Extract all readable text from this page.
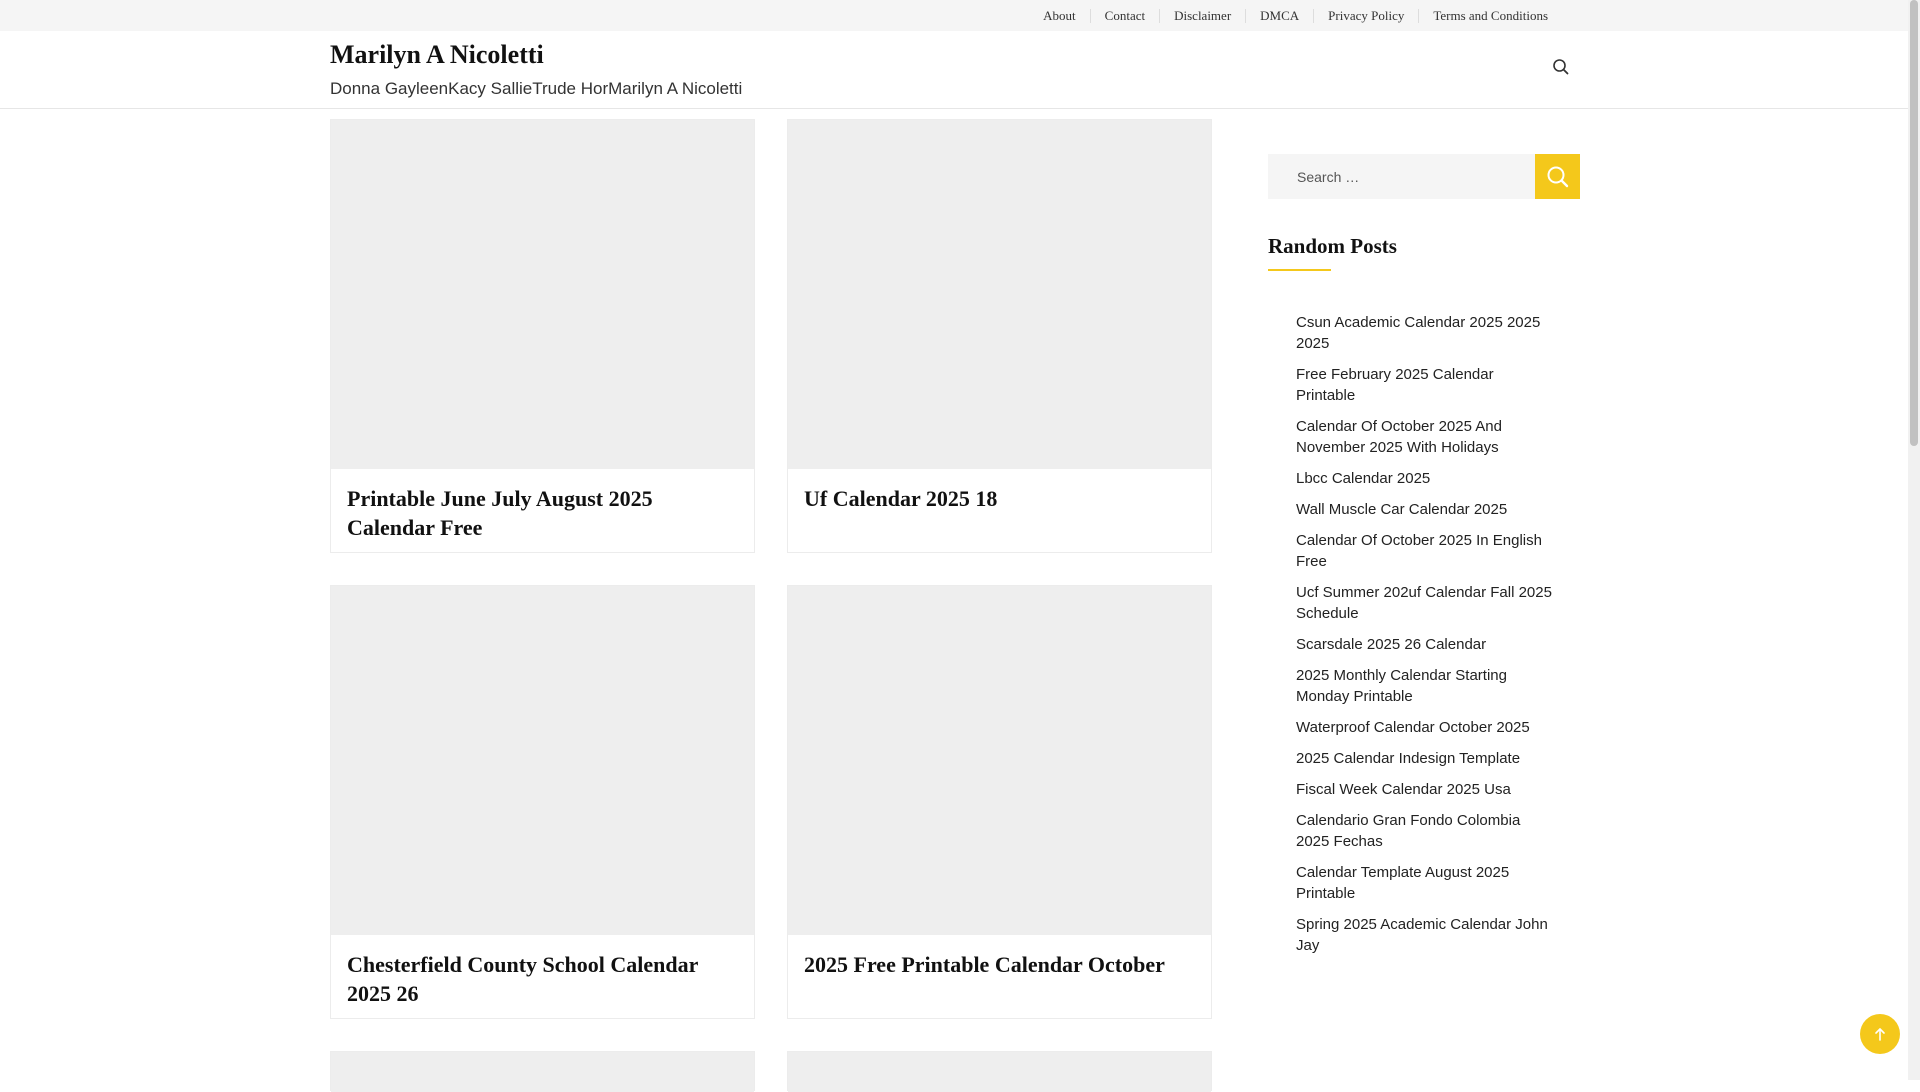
About	Contact	Disclaimer	DMCA	Privacy Policy	Terms and Conditions
Marilyn A Nicoletti
Donna GayleenKacy SallieTrude HorMarilyn A Nicoletti
Printable June July August 2025 Calendar Free
Uf Calendar 2025 18
Chesterfield County School Calendar 2025 26
2025 Free Printable Calendar October
Search …
Random Posts
Csun Academic Calendar 2025 2025 2025
Free February 2025 Calendar Printable
Calendar Of October 2025 And November 2025 With Holidays
Lbcc Calendar 2025
Wall Muscle Car Calendar 2025
Calendar Of October 2025 In English Free
Ucf Summer 202uf Calendar Fall 2025 Schedule
Scarsdale 2025 26 Calendar
2025 Monthly Calendar Starting Monday Printable
Waterproof Calendar October 2025
2025 Calendar Indesign Template
Fiscal Week Calendar 2025 Usa
Calendario Gran Fondo Colombia 2025 Fechas
Calendar Template August 2025 Printable
Spring 2025 Academic Calendar John Jay
